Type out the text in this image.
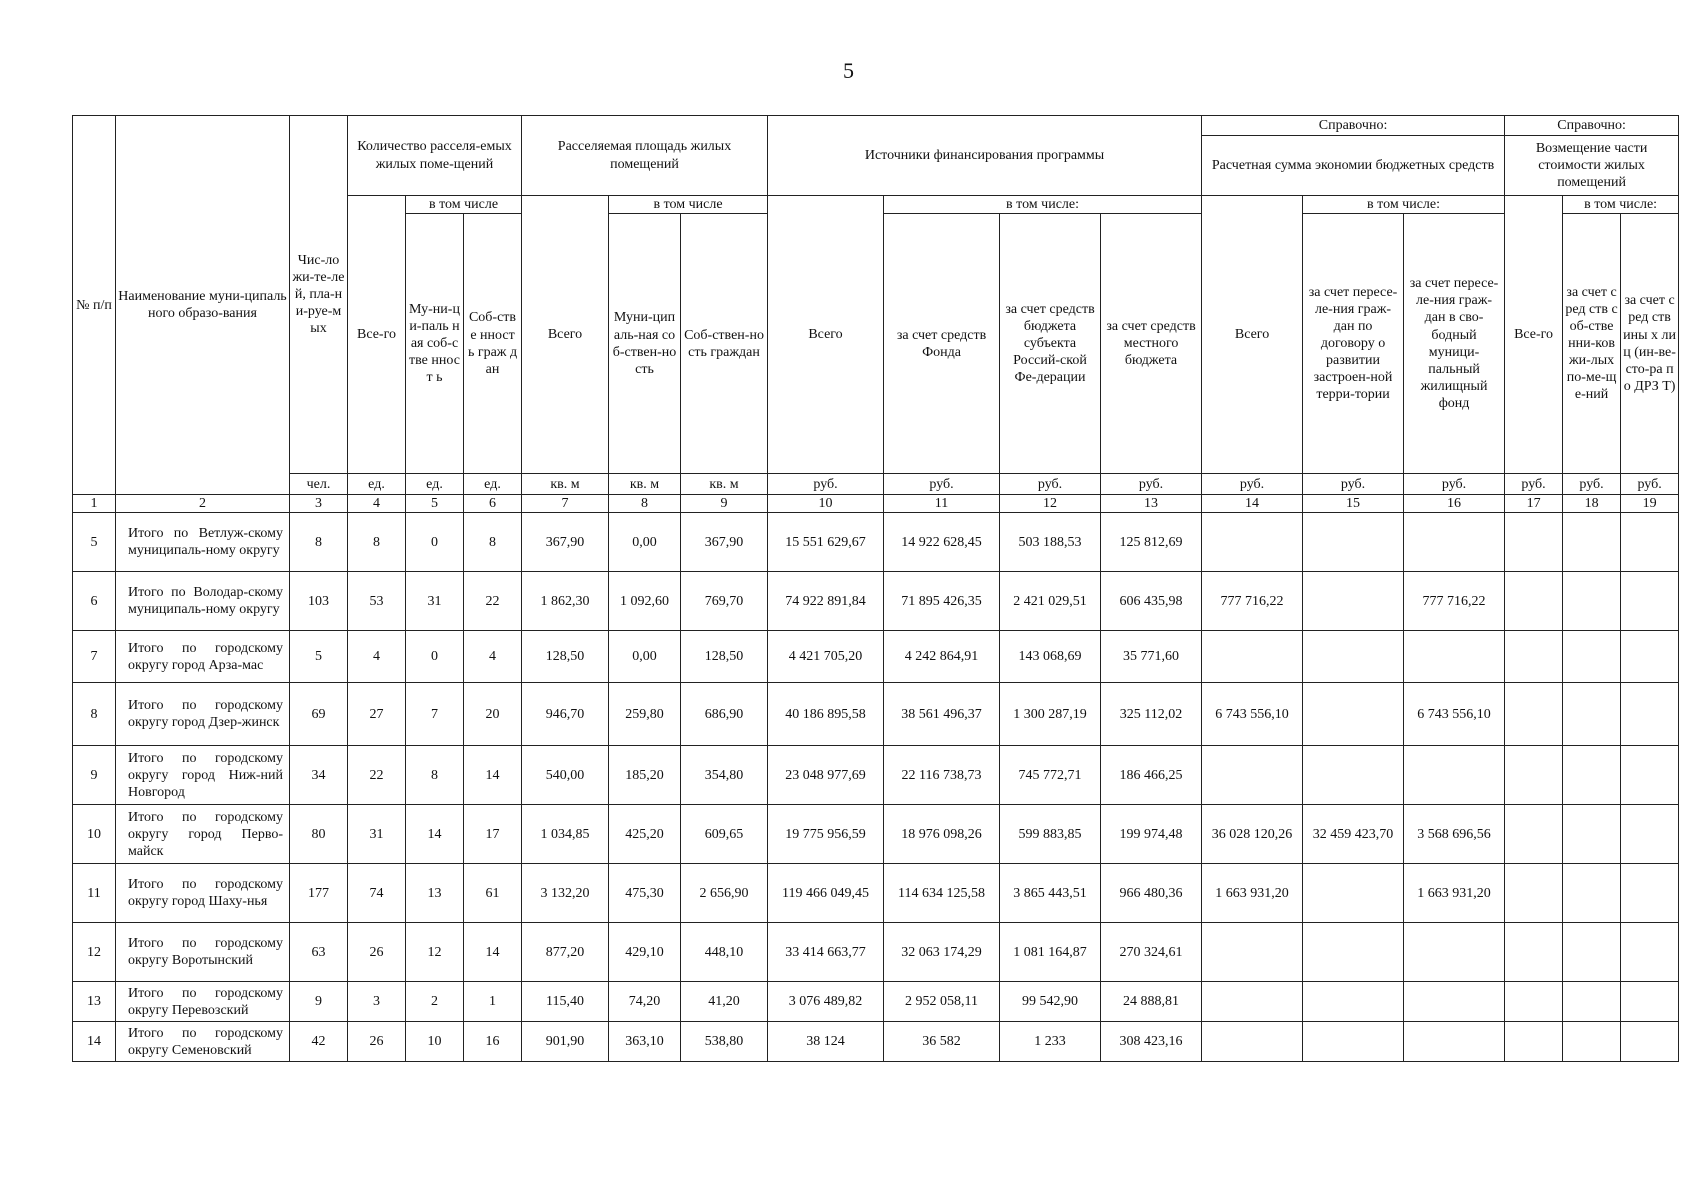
5
№ п/п	Наименование муни-ципального образо-вания	Чис-ло жи-те-лей, пла-ни-руе-мых	Количество расселя-емых жилых поме-щений			Расселяемая площадь жилых помещений			Источники финансирования программы				Справочно:			Справочно:		
													Расчетная сумма экономии бюджетных средств			Возмещение части стоимости жилых помещений		
			Все-го	в том числе		Всего	в том числе		Всего	в том числе:			Всего	в том числе:		Все-го	в том числе:	
				Му-ни-ци-паль ная соб-стве нност ь	Соб-стве нност ь граж дан		Муни-ципаль-ная соб-ствен-ность	Соб-ствен-ность граждан		за счет средств Фонда	за счет средств бюджета субъекта Россий-ской Фе-дерации	за счет средств местного бюджета		за счет пересе-ле-ния граж-дан по договору о развитии застроен-ной терри-тории	за счет пересе-ле-ния граж-дан в сво-бодный муници-пальный жилищный фонд		за счет сред ств соб-стве нни-ков жи-лых по-ме-ще-ний	за счет сред ств ины х лиц (ин-ве-сто-ра по ДРЗ Т)
		чел.	ед.	ед.	ед.	кв. м	кв. м	кв. м	руб.	руб.	руб.	руб.	руб.	руб.	руб.	руб.	руб.	руб.
1	2	3	4	5	6	7	8	9	10	11	12	13	14	15	16	17	18	19
5	Итого по Ветлуж-скому муниципаль-ному округу	8	8	0	8	367,90	0,00	367,90	15 551 629,67	14 922 628,45	503 188,53	125 812,69						
6	Итого по Володар-скому муниципаль-ному округу	103	53	31	22	1 862,30	1 092,60	769,70	74 922 891,84	71 895 426,35	2 421 029,51	606 435,98	777 716,22		777 716,22			
7	Итого по городскому округу город Арза-мас	5	4	0	4	128,50	0,00	128,50	4 421 705,20	4 242 864,91	143 068,69	35 771,60						
8	Итого по городскому округу город Дзер-жинск	69	27	7	20	946,70	259,80	686,90	40 186 895,58	38 561 496,37	1 300 287,19	325 112,02	6 743 556,10		6 743 556,10			
9	Итого по городскому округу город Ниж-ний Новгород	34	22	8	14	540,00	185,20	354,80	23 048 977,69	22 116 738,73	745 772,71	186 466,25						
10	Итого по городскому округу город Перво-майск	80	31	14	17	1 034,85	425,20	609,65	19 775 956,59	18 976 098,26	599 883,85	199 974,48	36 028 120,26	32 459 423,70	3 568 696,56			
11	Итого по городскому округу город Шаху-нья	177	74	13	61	3 132,20	475,30	2 656,90	119 466 049,45	114 634 125,58	3 865 443,51	966 480,36	1 663 931,20		1 663 931,20			
12	Итого по городскому округу Воротынский	63	26	12	14	877,20	429,10	448,10	33 414 663,77	32 063 174,29	1 081 164,87	270 324,61						
13	Итого по городскому округу Перевозский	9	3	2	1	115,40	74,20	41,20	3 076 489,82	2 952 058,11	99 542,90	24 888,81						
14	Итого по городскому округу Семеновский	42	26	10	16	901,90	363,10	538,80	38 124	36 582	1 233	308 423,16						
